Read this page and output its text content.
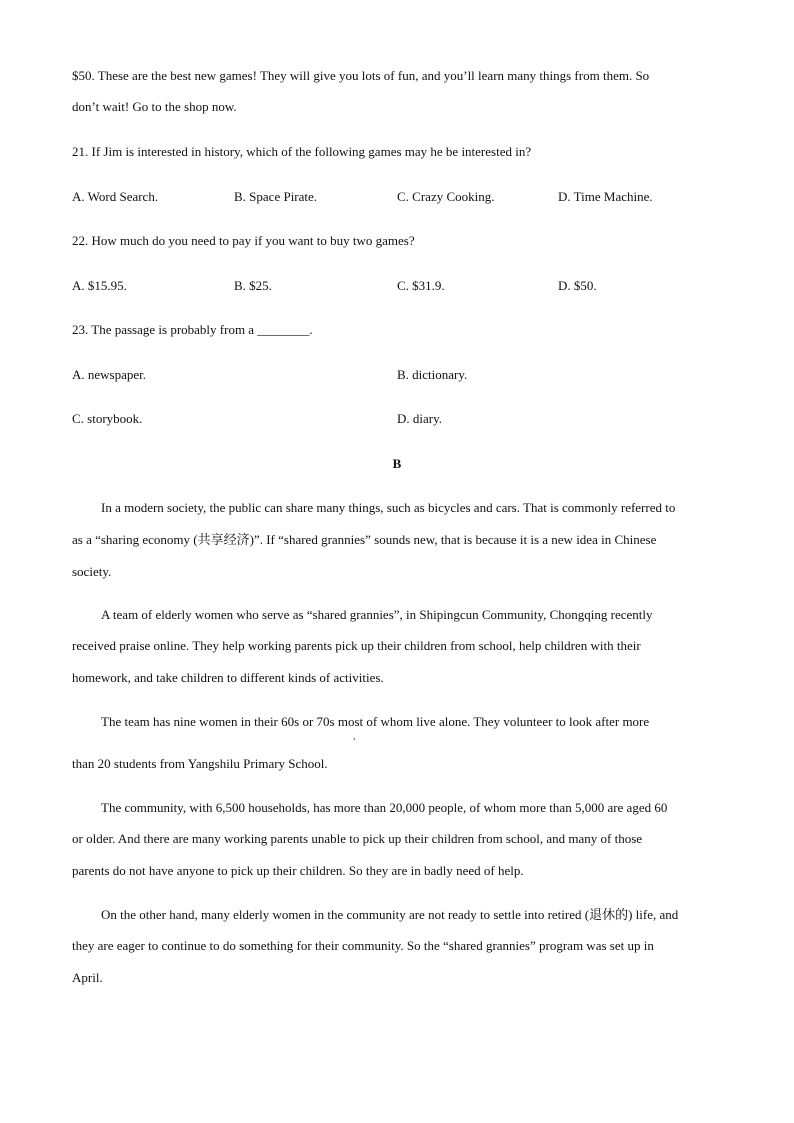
$50. These are the best new games! They will give you lots of fun, and you’ll learn many things from them. So
don’t wait! Go to the shop now.
21. If Jim is interested in history, which of the following games may he be interested in?
A. Word Search.	B. Space Pirate.	C. Crazy Cooking.	D. Time Machine.
22. How much do you need to pay if you want to buy two games?
A. $15.95.	B. $25.	C. $31.9.	D. $50.
23. The passage is probably from a ________.
A. newspaper.	B. dictionary.
C. storybook.	D. diary.
B
In a modern society, the public can share many things, such as bicycles and cars. That is commonly referred to
as a “sharing economy (共享经济)”. If “shared grannies” sounds new, that is because it is a new idea in Chinese
society.
A team of elderly women who serve as “shared grannies”, in Shipingcun Community, Chongqing recently
received praise online. They help working parents pick up their children from school, help children with their
homework, and take children to different kinds of activities.
The team has nine women in their 60s or 70s most of whom live alone. They volunteer to look after more
,
than 20 students from Yangshilu Primary School.
The community, with 6,500 households, has more than 20,000 people, of whom more than 5,000 are aged 60
or older. And there are many working parents unable to pick up their children from school, and many of those
parents do not have anyone to pick up their children. So they are in badly need of help.
On the other hand, many elderly women in the community are not ready to settle into retired (退休的) life, and
they are eager to continue to do something for their community. So the “shared grannies” program was set up in
April.
